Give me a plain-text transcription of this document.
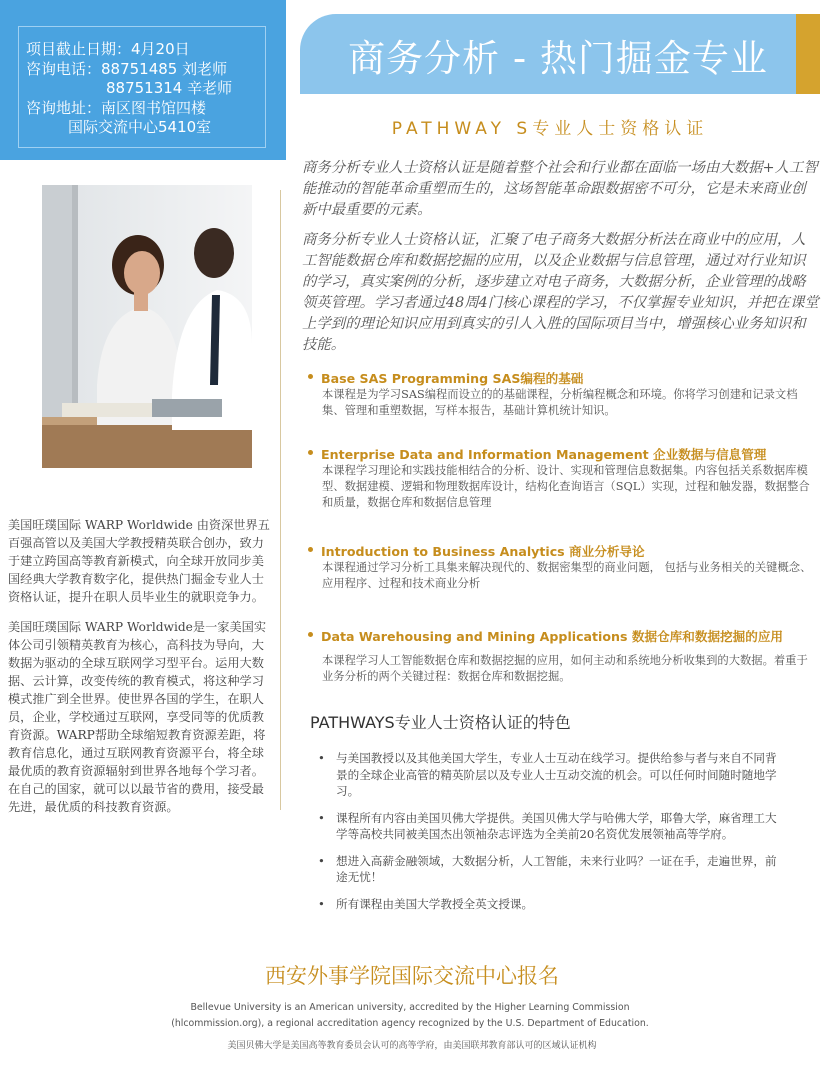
项目截止日期：4月20日
咨询电话：88751485 刘老师
88751314 辛老师
咨询地址：南区图书馆四楼
国际交流中心5410室
商务分析 - 热门掘金专业
PATHWAY S专业人士资格认证

美国旺璞国际 WARP Worldwide 由资深世界五百强高管以及美国大学教授精英联合创办，致力于建立跨国高等教育新模式，向全球开放同步美国经典大学教育数字化，提供热门掘金专业人士资格认证，提升在职人员毕业生的就职竞争力。

美国旺璞国际 WARP Worldwide是一家美国实体公司引领精英教育为核心，高科技为导向，大数据为驱动的全球互联网学习型平台。运用大数据、云计算，改变传统的教育模式，将这种学习模式推广到全世界。使世界各国的学生，在职人员，企业，学校通过互联网，享受同等的优质教育资源。WARP帮助全球缩短教育资源差距，将教育信息化，通过互联网教育资源平台，将全球最优质的教育资源辐射到世界各地每个学习者。在自己的国家，就可以以最节省的费用，接受最先进，最优质的科技教育资源。

商务分析专业人士资格认证是随着整个社会和行业都在面临一场由大数据+人工智能推动的智能革命重塑而生的，这场智能革命跟数据密不可分，它是未来商业创新中最重要的元素。

商务分析专业人士资格认证，汇聚了电子商务大数据分析法在商业中的应用，人工智能数据仓库和数据挖掘的应用，以及企业数据与信息管理，通过对行业知识的学习，真实案例的分析，逐步建立对电子商务，大数据分析，企业管理的战略领英管理。学习者通过48周4门核心课程的学习，不仅掌握专业知识，并把在课堂上学到的理论知识应用到真实的引人入胜的国际项目当中，增强核心业务知识和技能。

Base SAS Programming SAS编程的基础
本课程是为学习SAS编程而设立的的基础课程，分析编程概念和环境。你将学习创建和记录文档集、管理和重塑数据，写样本报告，基础计算机统计知识。
Enterprise Data and Information Management 企业数据与信息管理
本课程学习理论和实践技能相结合的分析、设计、实现和管理信息数据集。内容包括关系数据库模型、数据建模、逻辑和物理数据库设计，结构化查询语言（SQL）实现，过程和触发器，数据整合和质量，数据仓库和数据信息管理
Introduction to Business Analytics 商业分析导论
本课程通过学习分析工具集来解决现代的、数据密集型的商业问题， 包括与业务相关的关键概念、应用程序、过程和技术商业分析
Data Warehousing and Mining Applications 数据仓库和数据挖掘的应用
本课程学习人工智能数据仓库和数据挖掘的应用，如何主动和系统地分析收集到的大数据。着重于业务分析的两个关键过程：数据仓库和数据挖掘。
PATHWAYS专业人士资格认证的特色
• 与美国教授以及其他美国大学生，专业人士互动在线学习。提供给参与者与来自不同背景的全球企业高管的精英阶层以及专业人士互动交流的机会。可以任何时间随时随地学习。
• 课程所有内容由美国贝佛大学提供。美国贝佛大学与哈佛大学，耶鲁大学，麻省理工大学等高校共同被美国杰出领袖杂志评选为全美前20名资优发展领袖高等学府。
• 想进入高薪金融领域，大数据分析，人工智能，未来行业吗？一证在手，走遍世界，前途无忧！
• 所有课程由美国大学教授全英文授课。
西安外事学院国际交流中心报名
Bellevue University is an American university, accredited by the Higher Learning Commission
(hlcommission.org), a regional accreditation agency recognized by the U.S. Department of Education.
美国贝佛大学是美国高等教育委员会认可的高等学府，由美国联邦教育部认可的区域认证机构
